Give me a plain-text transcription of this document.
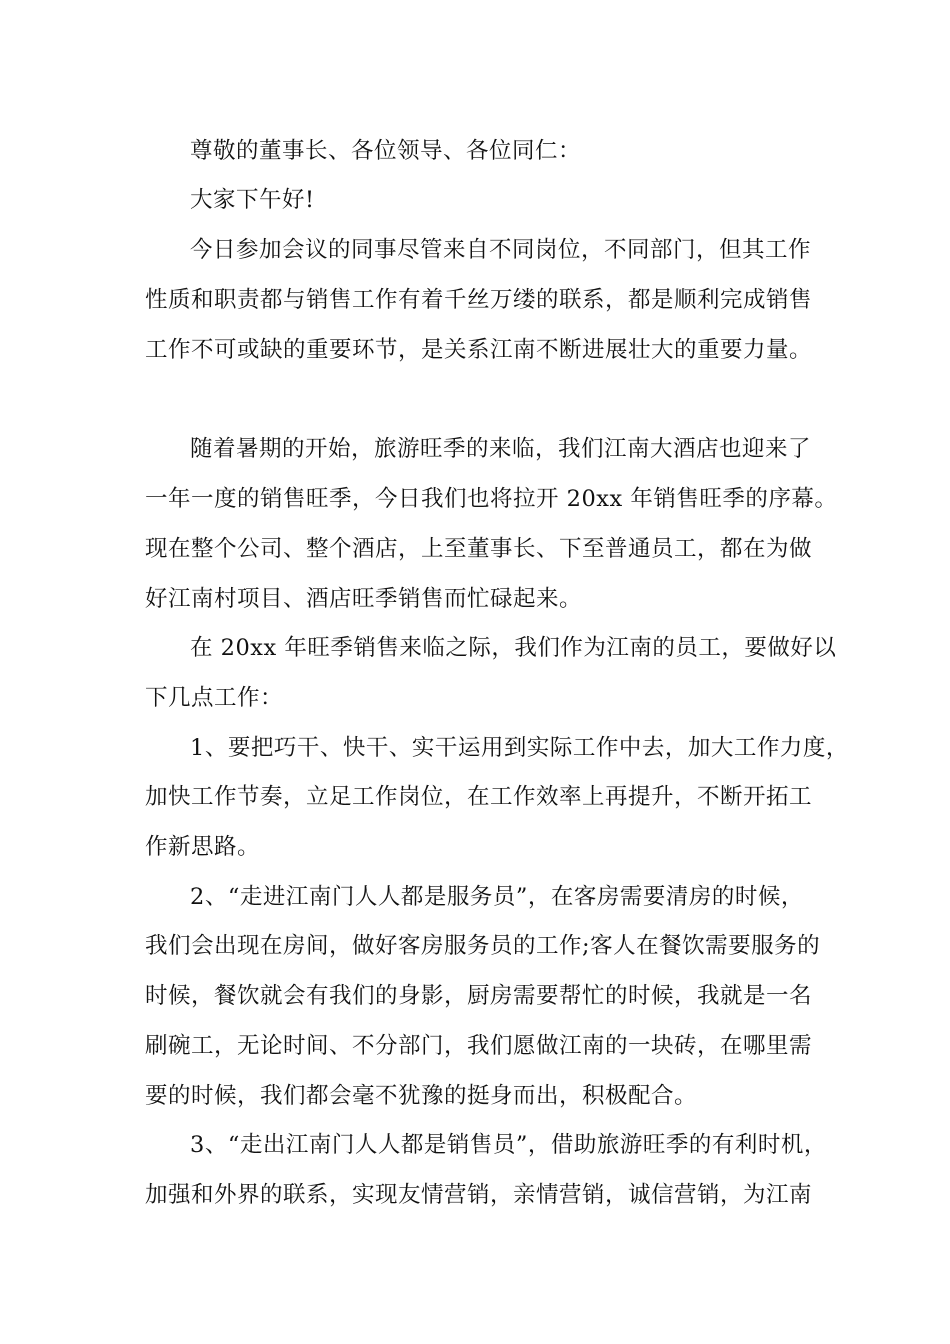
尊敬的董事长、各位领导、各位同仁：
大家下午好!
今日参加会议的同事尽管来自不同岗位，不同部门，但其工作
性质和职责都与销售工作有着千丝万缕的联系，都是顺利完成销售
工作不可或缺的重要环节，是关系江南不断进展壮大的重要力量。
随着暑期的开始，旅游旺季的来临，我们江南大酒店也迎来了
一年一度的销售旺季，今日我们也将拉开 20xx 年销售旺季的序幕。
现在整个公司、整个酒店，上至董事长、下至普通员工，都在为做
好江南村项目、酒店旺季销售而忙碌起来。
在 20xx 年旺季销售来临之际，我们作为江南的员工，要做好以
下几点工作：
1、要把巧干、快干、实干运用到实际工作中去，加大工作力度，
加快工作节奏，立足工作岗位，在工作效率上再提升，不断开拓工
作新思路。
2、“走进江南门人人都是服务员”，在客房需要清房的时候，
我们会出现在房间，做好客房服务员的工作;客人在餐饮需要服务的
时候，餐饮就会有我们的身影，厨房需要帮忙的时候，我就是一名
刷碗工，无论时间、不分部门，我们愿做江南的一块砖，在哪里需
要的时候，我们都会毫不犹豫的挺身而出，积极配合。
3、“走出江南门人人都是销售员”，借助旅游旺季的有利时机，
加强和外界的联系，实现友情营销，亲情营销，诚信营销，为江南
